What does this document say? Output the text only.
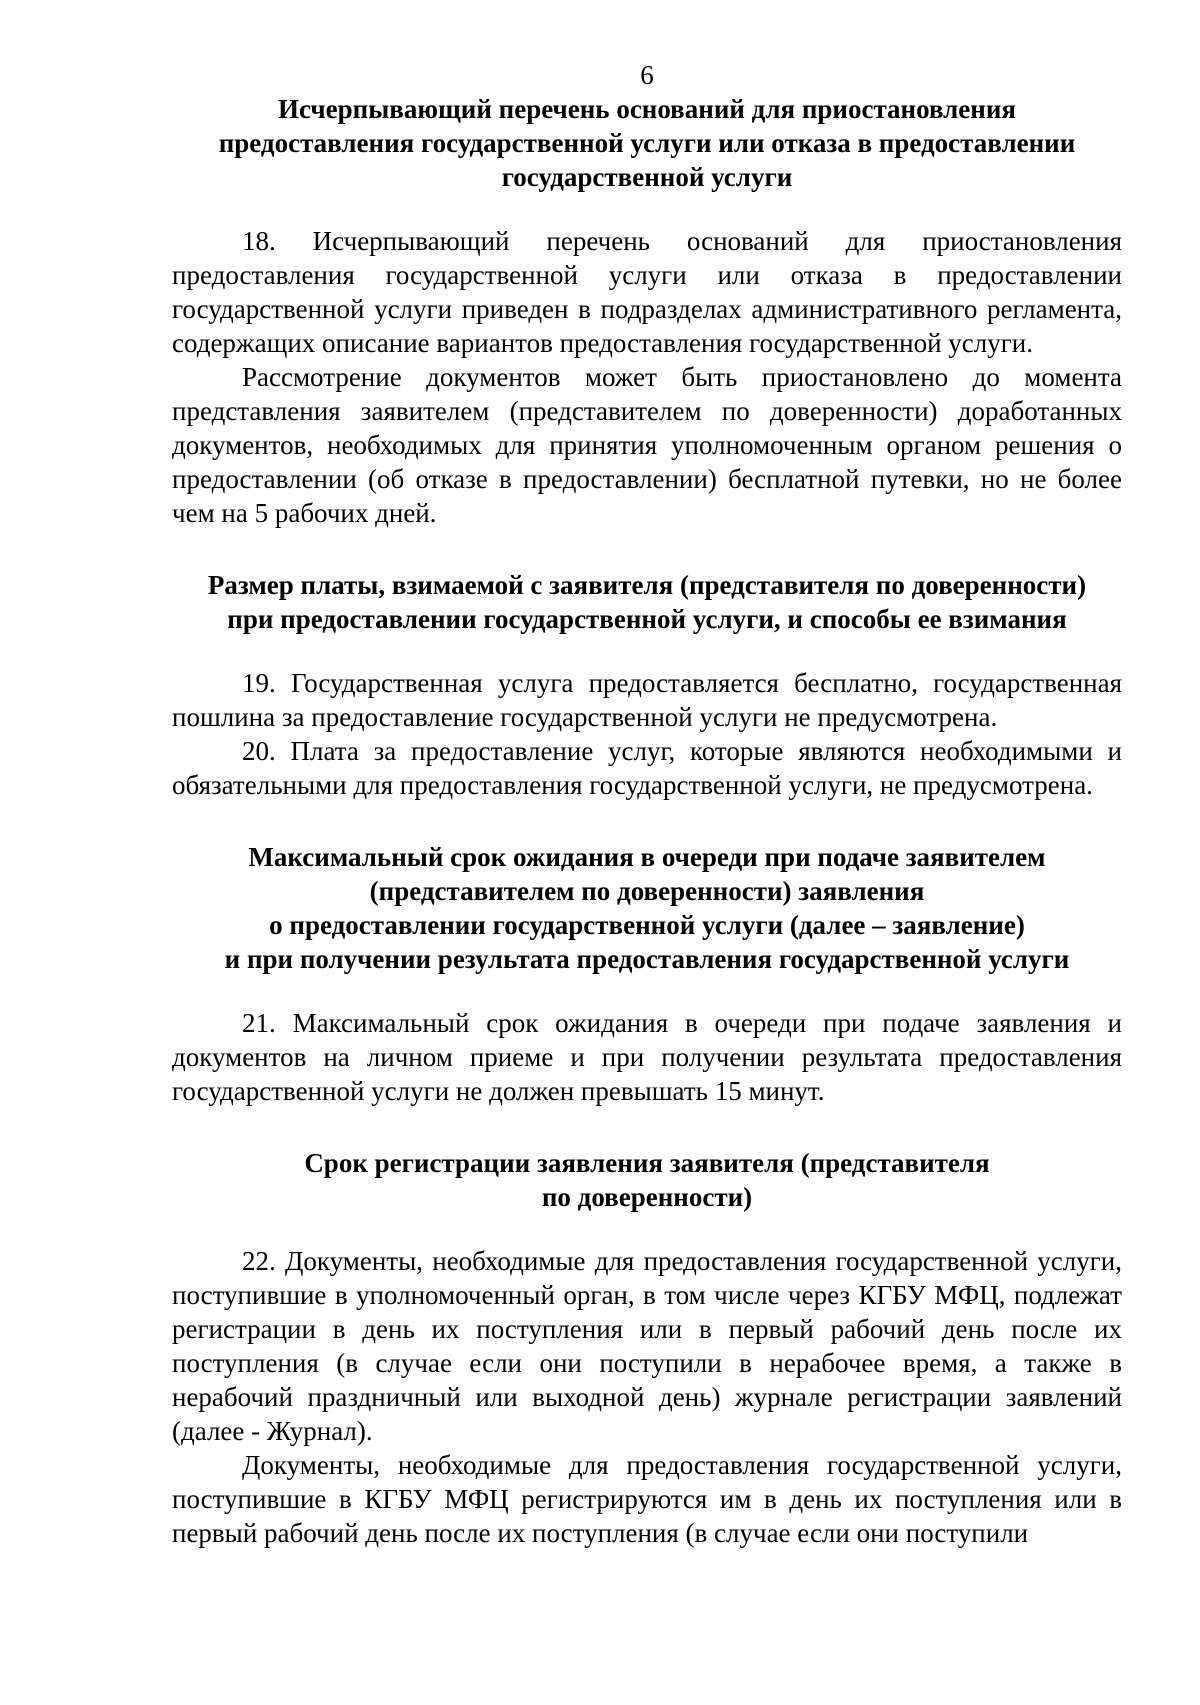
6
Исчерпывающий перечень оснований для приостановления
предоставления государственной услуги или отказа в предоставлении
государственной услуги

18. Исчерпывающий перечень оснований для приостановления предоставления государственной услуги или отказа в предоставлении государственной услуги приведен в подразделах административного регламента, содержащих описание вариантов предоставления государственной услуги.

Рассмотрение документов может быть приостановлено до момента представления заявителем (представителем по доверенности) доработанных документов, необходимых для принятия уполномоченным органом решения о предоставлении (об отказе в предоставлении) бесплатной путевки, но не более чем на 5 рабочих дней.

Размер платы, взимаемой с заявителя (представителя по доверенности)
при предоставлении государственной услуги, и способы ее взимания

19. Государственная услуга предоставляется бесплатно, государственная пошлина за предоставление государственной услуги не предусмотрена.

20. Плата за предоставление услуг, которые являются необходимыми и обязательными для предоставления государственной услуги, не предусмотрена.

Максимальный срок ожидания в очереди при подаче заявителем
(представителем по доверенности) заявления
о предоставлении государственной услуги (далее – заявление)
и при получении результата предоставления государственной услуги

21. Максимальный срок ожидания в очереди при подаче заявления и документов на личном приеме и при получении результата предоставления государственной услуги не должен превышать 15 минут.

Срок регистрации заявления заявителя (представителя
по доверенности)

22. Документы, необходимые для предоставления государственной услуги, поступившие в уполномоченный орган, в том числе через КГБУ МФЦ, подлежат регистрации в день их поступления или в первый рабочий день после их поступления (в случае если они поступили в нерабочее время, а также в нерабочий праздничный или выходной день) журнале регистрации заявлений (далее - Журнал).

Документы, необходимые для предоставления государственной услуги, поступившие в КГБУ МФЦ регистрируются им в день их поступления или в первый рабочий день после их поступления (в случае если они поступили
